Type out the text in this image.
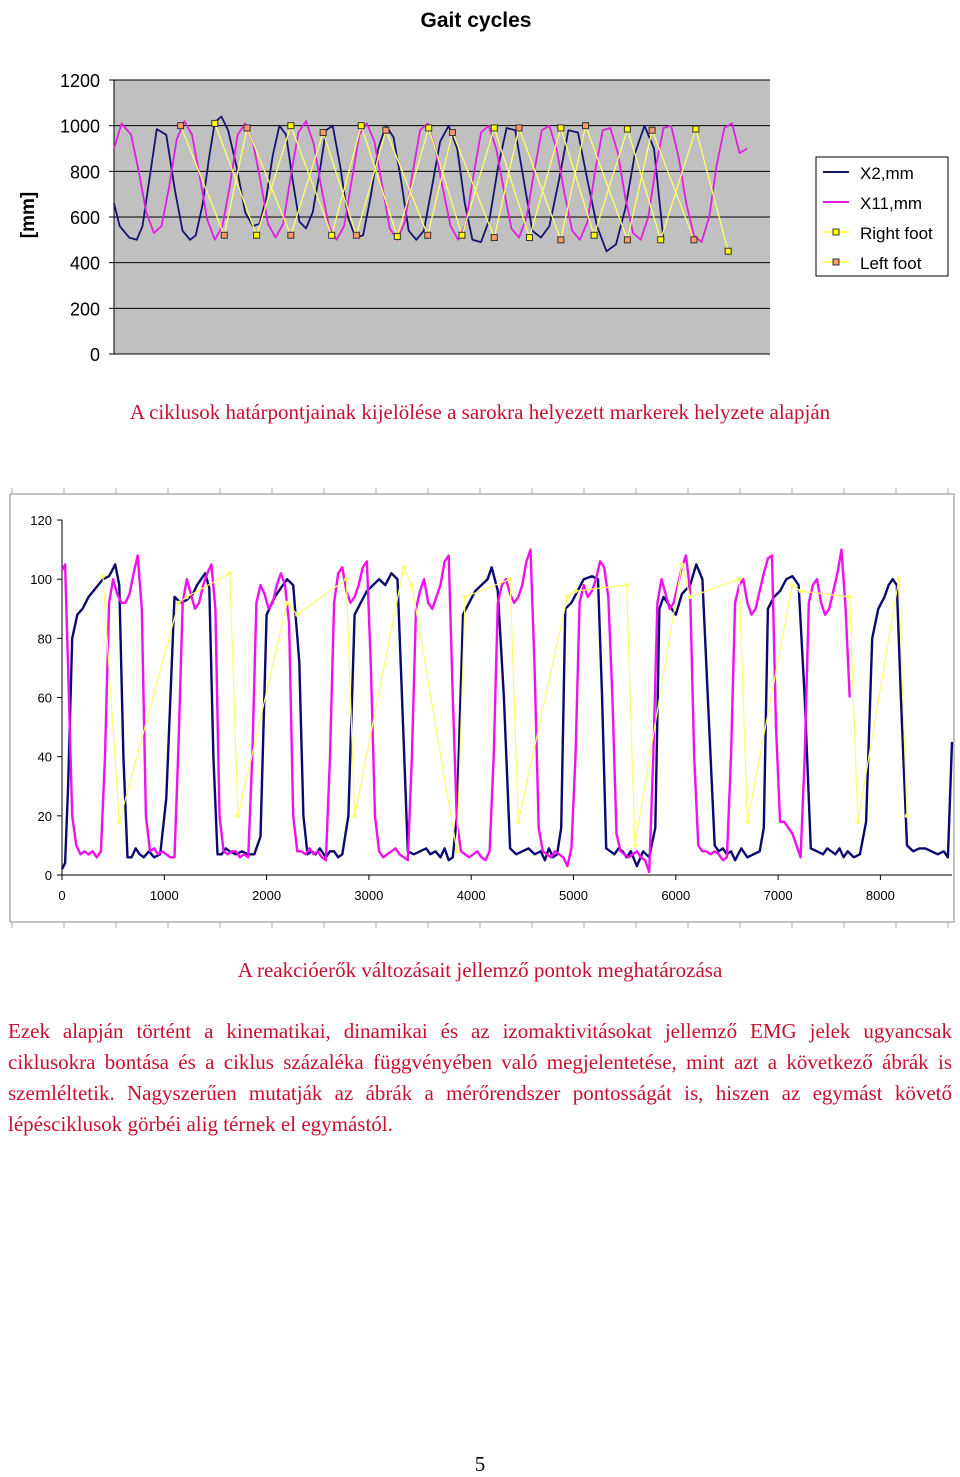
Gait cycles
[mm]
0
200
400
600
800
1000
1200
X2,mm
X11,mm
Right foot
Left foot
A ciklusok határpontjainak kijelölése a sarokra helyezett markerek helyzete alapján
0
20
40
60
80
100
120
0	1000	2000	3000	4000	5000	6000	7000	8000
A reakcióerők változásait jellemző pontok meghatározása

Ezek alapján történt a kinematikai, dinamikai és az izomaktivitásokat jellemző EMG jelek ugyancsak ciklusokra bontása és a ciklus százaléka függvényében való megjelentetése, mint azt a következő ábrák is szemléltetik. Nagyszerűen mutatják az ábrák a mérőrendszer pontosságát is, hiszen az egymást követő lépésciklusok görbéi alig térnek el egymástól.

5
